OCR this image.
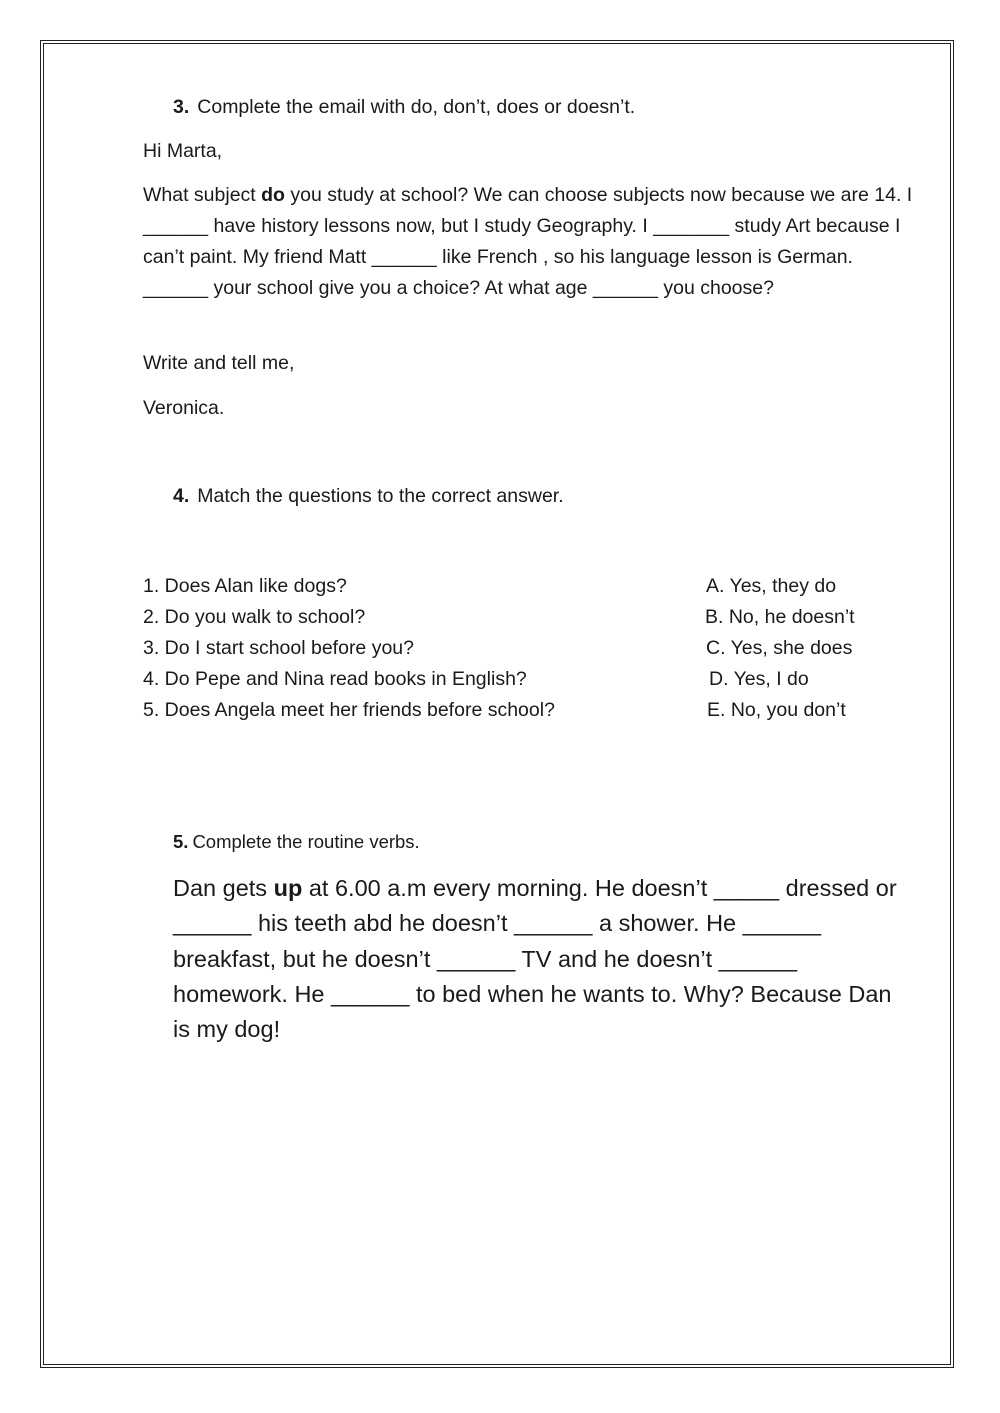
3. Complete the email with do, don’t, does or doesn’t.

Hi Marta,

What subject do you study at school? We can choose subjects now because we are 14. I ______ have history lessons now, but I study Geography. I _______ study Art because I can’t paint. My friend Matt ______ like French , so his language lesson is German. ______ your school give you a choice? At what age ______ you choose?

Write and tell me,

Veronica.

4. Match the questions to the correct answer.

1. Does Alan like dogs?
2. Do you walk to school?
3. Do I start school before you?
4. Do Pepe and Nina read books in English?
5. Does Angela meet her friends before school?
A. Yes, they do
B. No, he doesn’t
C. Yes, she does
D. Yes, I do
E. No, you don’t

5. Complete the routine verbs.

Dan gets up at 6.00 a.m every morning. He doesn’t _____ dressed or ______ his teeth abd he doesn’t ______ a shower. He ______ breakfast, but he doesn’t ______ TV and he doesn’t ______ homework. He ______ to bed when he wants to. Why? Because Dan is my dog!
